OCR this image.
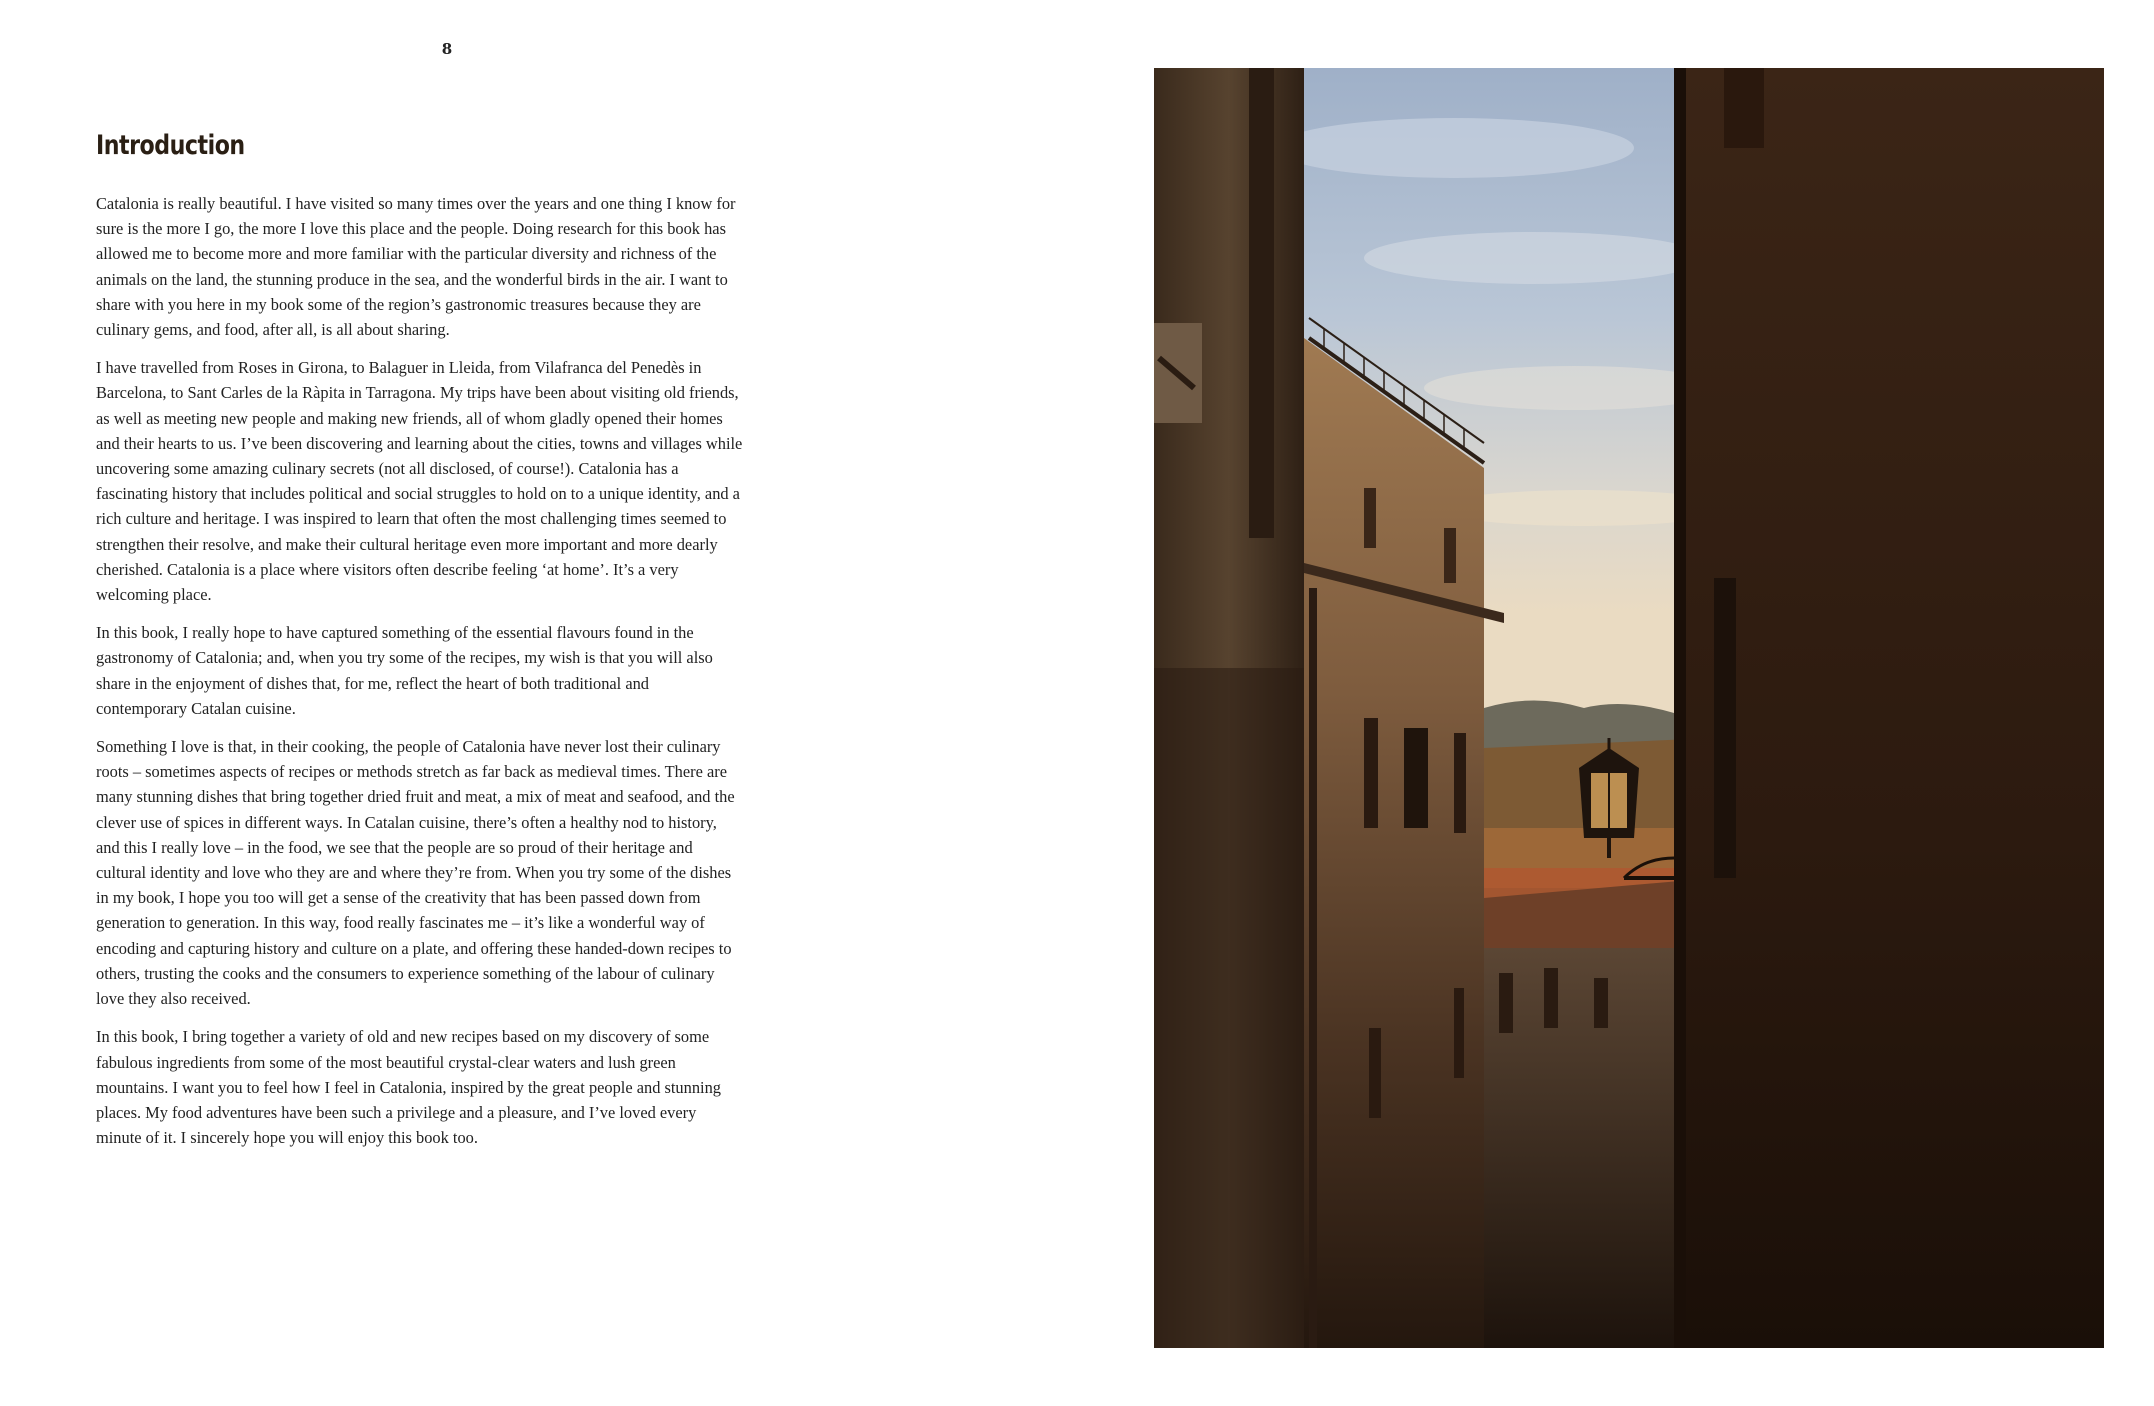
8
Introduction

Catalonia is really beautiful. I have visited so many times over the years and one thing I know for sure is the more I go, the more I love this place and the people. Doing research for this book has allowed me to become more and more familiar with the particular diversity and richness of the animals on the land, the stunning produce in the sea, and the wonderful birds in the air. I want to share with you here in my book some of the region’s gastronomic treasures because they are culinary gems, and food, after all, is all about sharing.

I have travelled from Roses in Girona, to Balaguer in Lleida, from Vilafranca del Penedès in Barcelona, to Sant Carles de la Ràpita in Tarragona. My trips have been about visiting old friends, as well as meeting new people and making new friends, all of whom gladly opened their homes and their hearts to us. I’ve been discovering and learning about the cities, towns and villages while uncovering some amazing culinary secrets (not all disclosed, of course!). Catalonia has a fascinating history that includes political and social struggles to hold on to a unique identity, and a rich culture and heritage. I was inspired to learn that often the most challenging times seemed to strengthen their resolve, and make their cultural heritage even more important and more dearly cherished. Catalonia is a place where visitors often describe feeling ‘at home’. It’s a very welcoming place.

In this book, I really hope to have captured something of the essential flavours found in the gastronomy of Catalonia; and, when you try some of the recipes, my wish is that you will also share in the enjoyment of dishes that, for me, reflect the heart of both traditional and contemporary Catalan cuisine.

Something I love is that, in their cooking, the people of Catalonia have never lost their culinary roots – sometimes aspects of recipes or methods stretch as far back as medieval times. There are many stunning dishes that bring together dried fruit and meat, a mix of meat and seafood, and the clever use of spices in different ways. In Catalan cuisine, there’s often a healthy nod to history, and this I really love – in the food, we see that the people are so proud of their heritage and cultural identity and love who they are and where they’re from. When you try some of the dishes in my book, I hope you too will get a sense of the creativity that has been passed down from generation to generation. In this way, food really fascinates me – it’s like a wonderful way of encoding and capturing history and culture on a plate, and offering these handed-down recipes to others, trusting the cooks and the consumers to experience something of the labour of culinary love they also received.

In this book, I bring together a variety of old and new recipes based on my discovery of some fabulous ingredients from some of the most beautiful crystal-clear waters and lush green mountains. I want you to feel how I feel in Catalonia, inspired by the great people and stunning places. My food adventures have been such a privilege and a pleasure, and I’ve loved every minute of it. I sincerely hope you will enjoy this book too.
